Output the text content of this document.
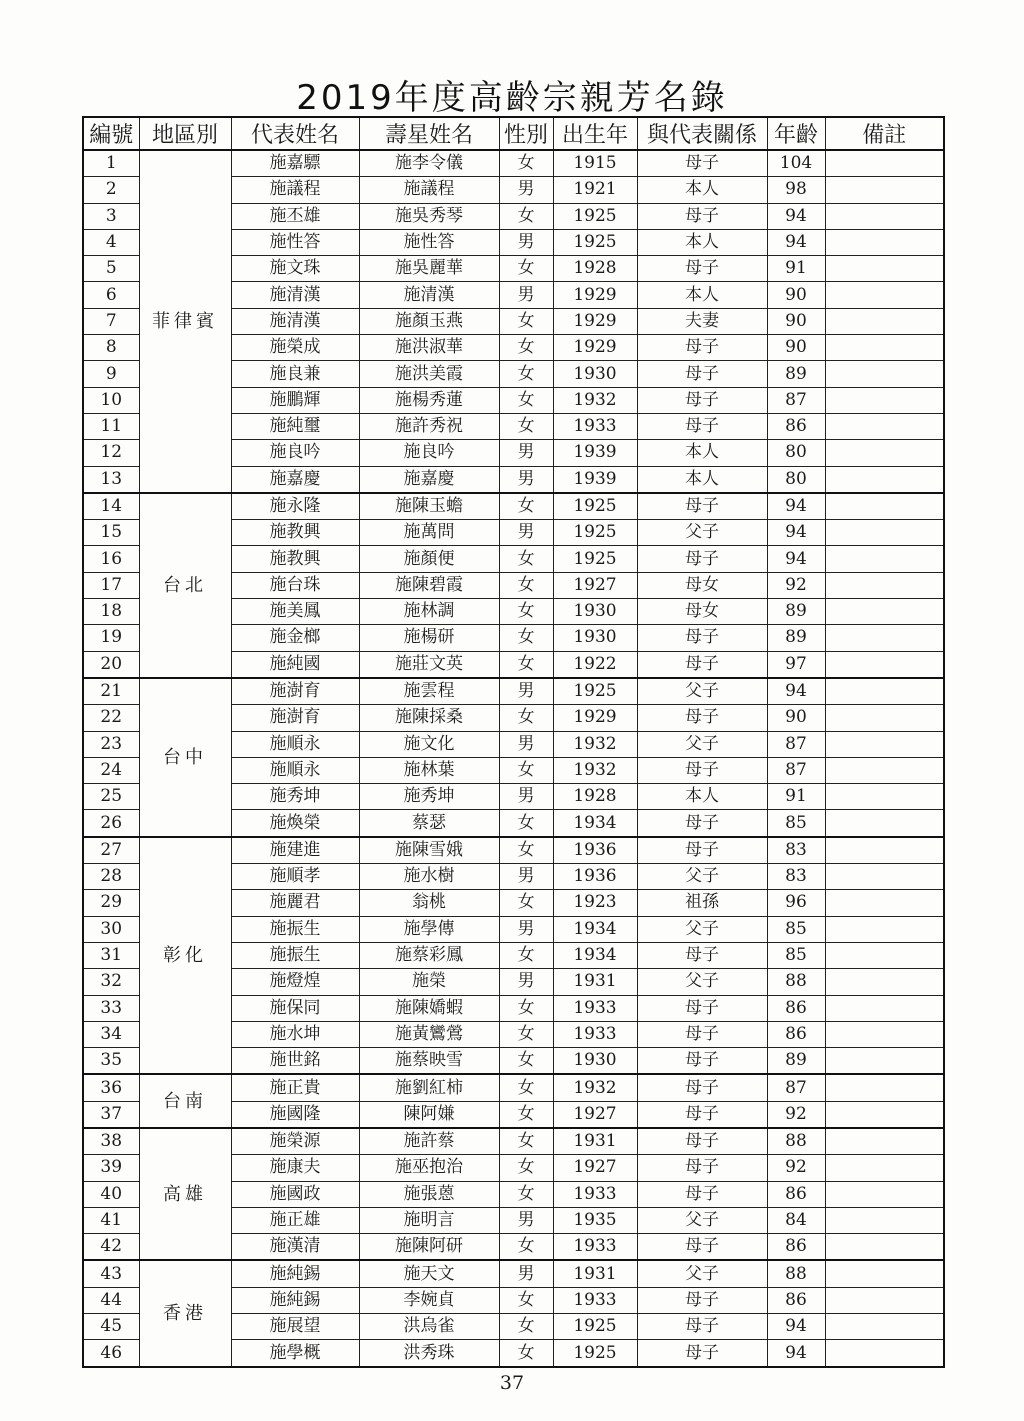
2019年度高齡宗親芳名錄
編號	地區別	代表姓名	壽星姓名	性別	出生年	與代表關係	年齡	備註
1	菲律賓	施嘉驃	施李令儀	女	1915	母子	104	
2		施議程	施議程	男	1921	本人	98	
3		施丕雄	施吳秀琴	女	1925	母子	94	
4		施性答	施性答	男	1925	本人	94	
5		施文珠	施吳麗華	女	1928	母子	91	
6		施清漢	施清漢	男	1929	本人	90	
7		施清漢	施顏玉燕	女	1929	夫妻	90	
8		施榮成	施洪淑華	女	1929	母子	90	
9		施良兼	施洪美霞	女	1930	母子	89	
10		施鵬輝	施楊秀蓮	女	1932	母子	87	
11		施純璽	施許秀祝	女	1933	母子	86	
12		施良吟	施良吟	男	1939	本人	80	
13		施嘉慶	施嘉慶	男	1939	本人	80	
14	台北	施永隆	施陳玉蟾	女	1925	母子	94	
15		施教興	施萬問	男	1925	父子	94	
16		施教興	施顏便	女	1925	母子	94	
17		施台珠	施陳碧霞	女	1927	母女	92	
18		施美鳳	施林調	女	1930	母女	89	
19		施金榔	施楊研	女	1930	母子	89	
20		施純國	施莊文英	女	1922	母子	97	
21	台中	施澍育	施雲程	男	1925	父子	94	
22		施澍育	施陳採桑	女	1929	母子	90	
23		施順永	施文化	男	1932	父子	87	
24		施順永	施林葉	女	1932	母子	87	
25		施秀坤	施秀坤	男	1928	本人	91	
26		施煥榮	蔡瑟	女	1934	母子	85	
27	彰化	施建進	施陳雪娥	女	1936	母子	83	
28		施順孝	施水樹	男	1936	父子	83	
29		施麗君	翁桃	女	1923	祖孫	96	
30		施振生	施學傳	男	1934	父子	85	
31		施振生	施蔡彩鳳	女	1934	母子	85	
32		施燈煌	施榮	男	1931	父子	88	
33		施保同	施陳嬌蝦	女	1933	母子	86	
34		施水坤	施黃鸞鶯	女	1933	母子	86	
35		施世銘	施蔡映雪	女	1930	母子	89	
36	台南	施正貴	施劉紅柿	女	1932	母子	87	
37		施國隆	陳阿嫌	女	1927	母子	92	
38	高雄	施榮源	施許蔡	女	1931	母子	88	
39		施康夫	施巫抱治	女	1927	母子	92	
40		施國政	施張蒽	女	1933	母子	86	
41		施正雄	施明言	男	1935	父子	84	
42		施漢清	施陳阿研	女	1933	母子	86	
43	香港	施純錫	施天文	男	1931	父子	88	
44		施純錫	李婉貞	女	1933	母子	86	
45		施展望	洪烏雀	女	1925	母子	94	
46		施學概	洪秀珠	女	1925	母子	94	
37
